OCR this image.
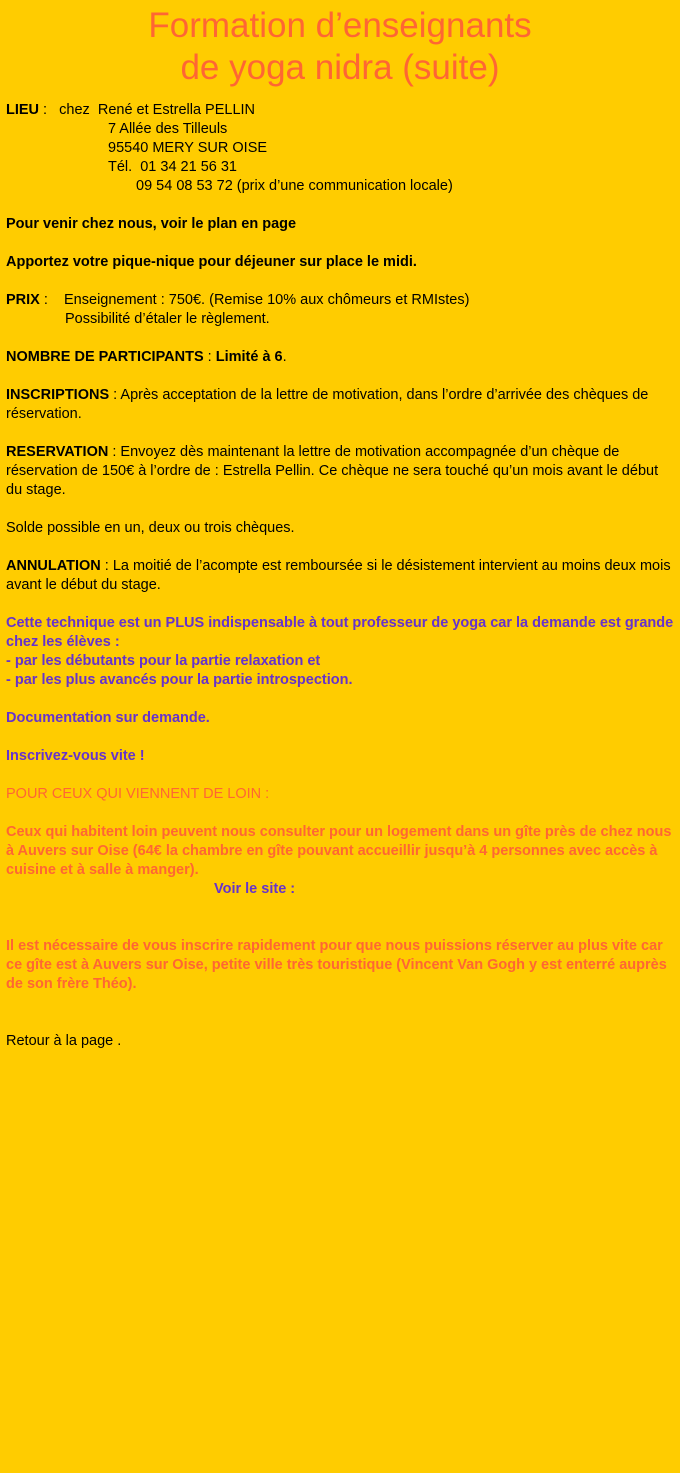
Formation d’enseignants
de yoga nidra (suite)
LIEU :   chez  René et Estrella PELLIN
7 Allée des Tilleuls
95540 MERY SUR OISE
Tél.  01 34 21 56 31
09 54 08 53 72 (prix d’une communication locale)
Pour venir chez nous, voir le plan en page
Apportez votre pique-nique pour déjeuner sur place le midi.
PRIX :    Enseignement : 750€. (Remise 10% aux chômeurs et RMIstes)
Possibilité d’étaler le règlement.
NOMBRE DE PARTICIPANTS : Limité à 6.
INSCRIPTIONS : Après acceptation de la lettre de motivation, dans l’ordre d’arrivée des chèques de réservation.
RESERVATION : Envoyez dès maintenant la lettre de motivation accompagnée d’un chèque de réservation de 150€ à l’ordre de : Estrella Pellin. Ce chèque ne sera touché qu’un mois avant le début du stage.
Solde possible en un, deux ou trois chèques.
ANNULATION : La moitié de l’acompte est remboursée si le désistement intervient au moins deux mois avant le début du stage.
Cette technique est un PLUS indispensable à tout professeur de yoga car la demande est grande chez les élèves :
- par les débutants pour la partie relaxation et
- par les plus avancés pour la partie introspection.
Documentation sur demande.
Inscrivez-vous vite !
POUR CEUX QUI VIENNENT DE LOIN :
Ceux qui habitent loin peuvent nous consulter pour un logement dans un gîte près de chez nous à Auvers sur Oise (64€ la chambre en gîte pouvant accueillir jusqu’à 4 personnes avec accès à cuisine et à salle à manger).
Voir le site :
Il est nécessaire de vous inscrire rapidement pour que nous puissions réserver au plus vite car ce gîte est à Auvers sur Oise, petite ville très touristique (Vincent Van Gogh y est enterré auprès de son frère Théo).
Retour à la page .
